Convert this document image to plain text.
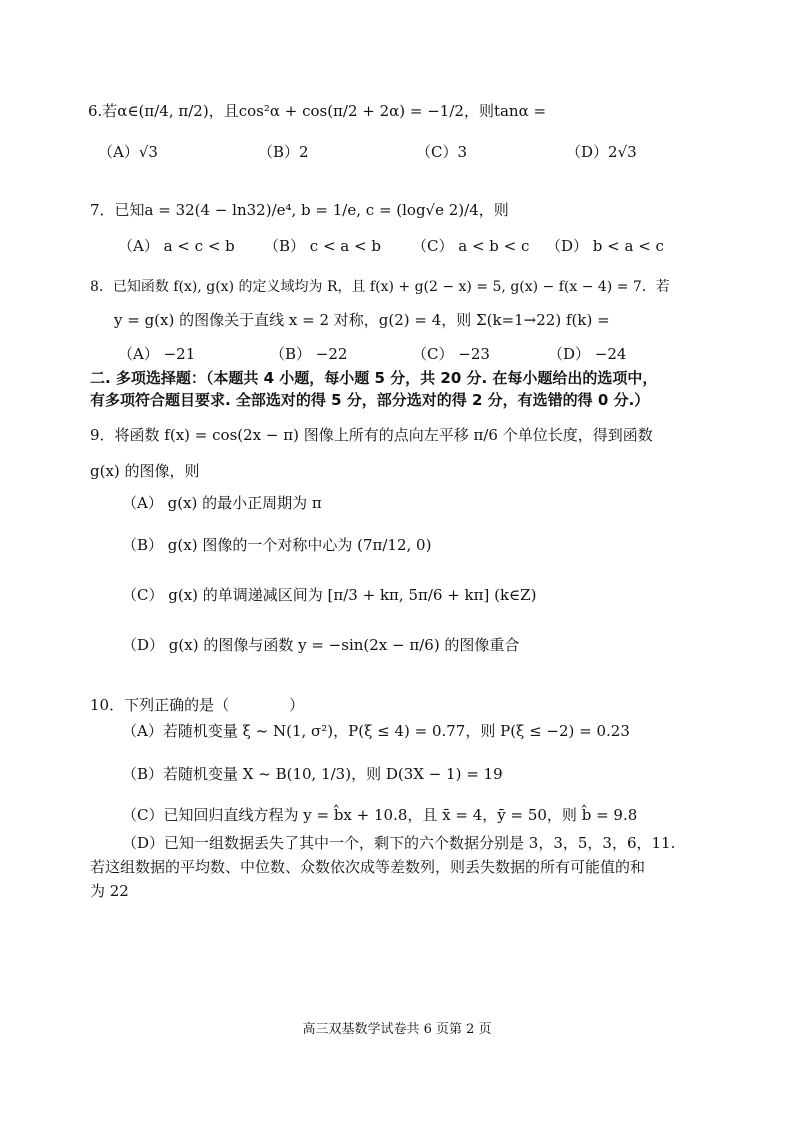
6.若α∈(π/4, π/2)，且cos²α + cos(π/2 + 2α) = −1/2，则tanα =
（A）√3	（B）2	（C）3	（D）2√3
7．已知a = 32(4 − ln32)/e⁴, b = 1/e, c = (log√e 2)/4，则
（A） a < c < b （B） c < a < b （C） a < b < c （D） b < a < c
8．已知函数 f(x), g(x) 的定义域均为 R，且 f(x) + g(2 − x) = 5, g(x) − f(x − 4) = 7．若
y = g(x) 的图像关于直线 x = 2 对称，g(2) = 4，则 Σ(k=1→22) f(k) =
（A） −21	（B） −22	（C） −23	（D） −24
二. 多项选择题：（本题共 4 小题，每小题 5 分，共 20 分. 在每小题给出的选项中，
有多项符合题目要求. 全部选对的得 5 分，部分选对的得 2 分，有选错的得 0 分.）
9．将函数 f(x) = cos(2x − π) 图像上所有的点向左平移 π/6 个单位长度，得到函数
g(x) 的图像，则
（A） g(x) 的最小正周期为 π
（B） g(x) 图像的一个对称中心为 (7π/12, 0)
（C） g(x) 的单调递减区间为 [π/3 + kπ, 5π/6 + kπ] (k∈Z)
（D） g(x) 的图像与函数 y = −sin(2x − π/6) 的图像重合
10．下列正确的是（　　　　）
（A）若随机变量 ξ ~ N(1, σ²)，P(ξ ≤ 4) = 0.77，则 P(ξ ≤ −2) = 0.23
（B）若随机变量 X ~ B(10, 1/3)，则 D(3X − 1) = 19
（C）已知回归直线方程为 y = b̂x + 10.8，且 x̄ = 4，ȳ = 50，则 b̂ = 9.8
（D）已知一组数据丢失了其中一个，剩下的六个数据分别是 3，3，5，3，6，11.
若这组数据的平均数、中位数、众数依次成等差数列，则丢失数据的所有可能值的和
为 22
高三双基数学试卷共 6 页第 2 页
